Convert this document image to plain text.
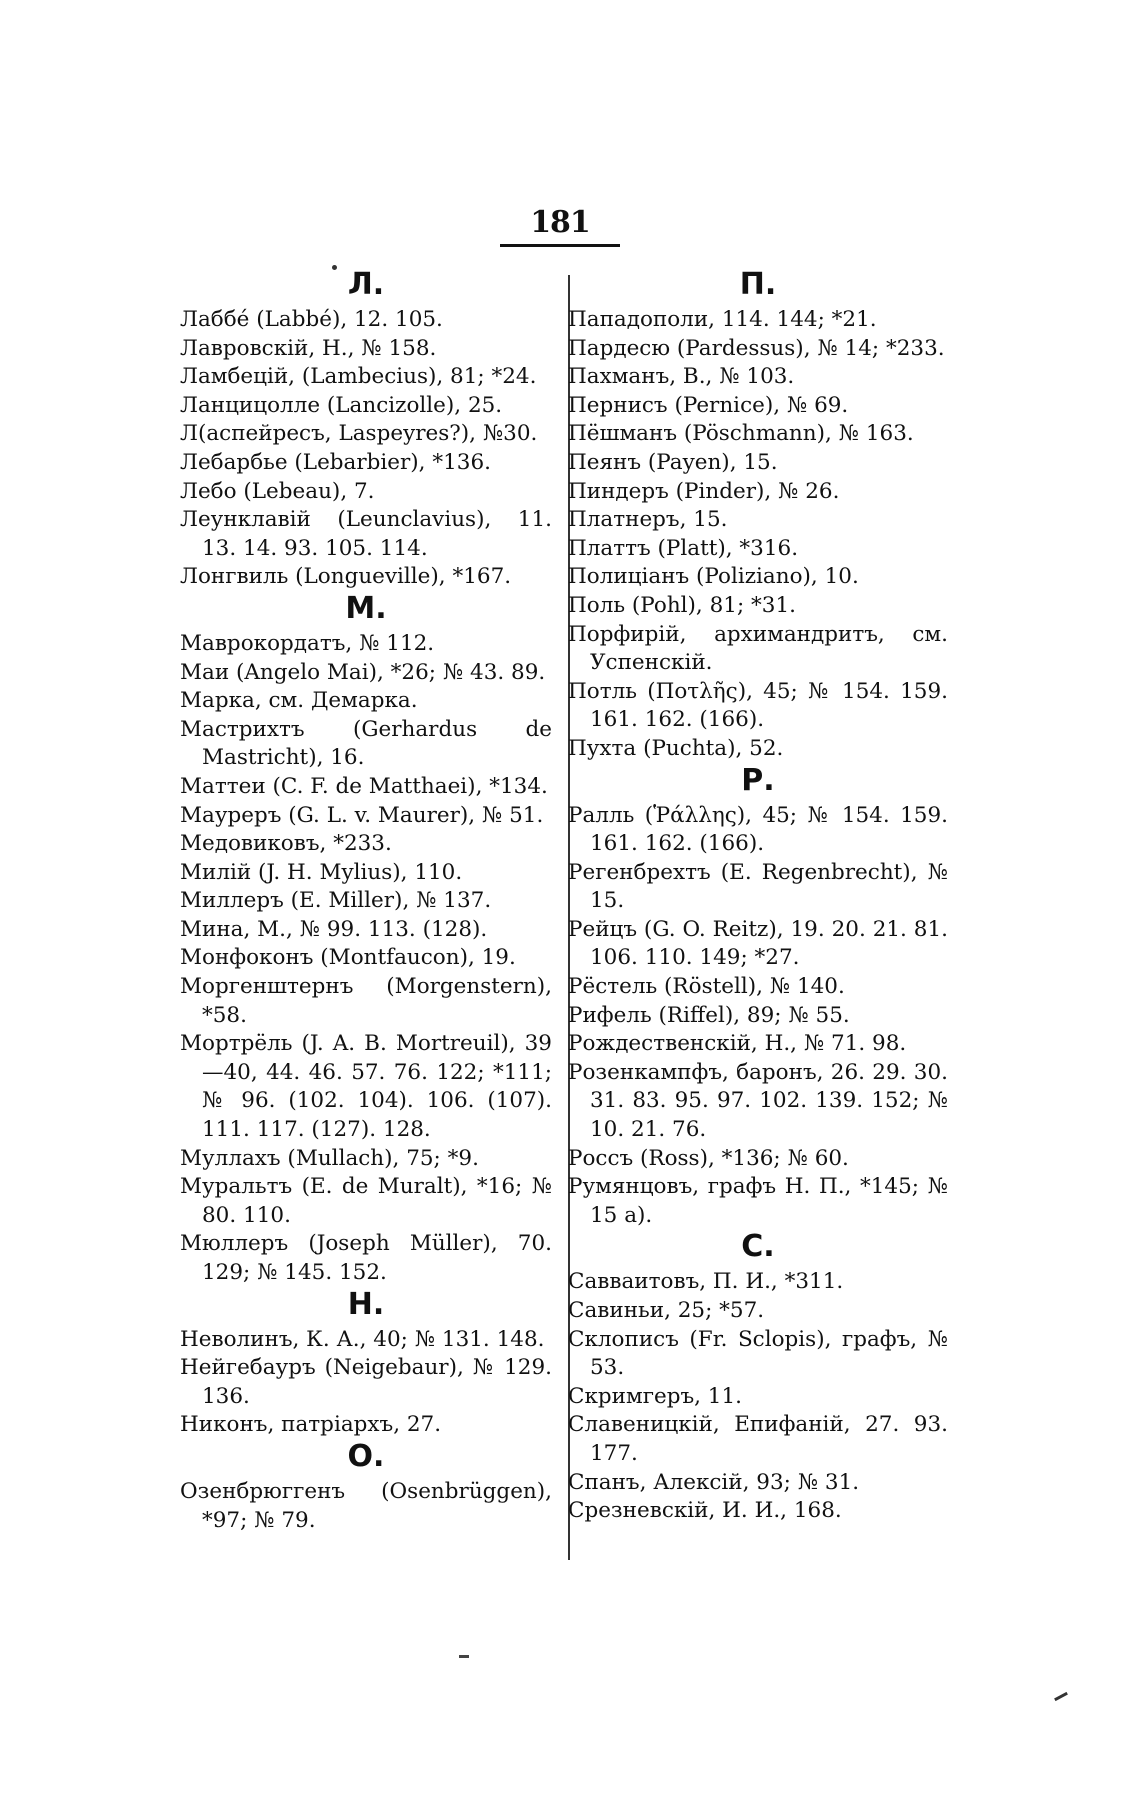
181
Л.
Лаббé (Labbé), 12. 105.
Лавровскій, Н., № 158.
Ламбецій, (Lambecius), 81; *24.
Ланцицолле (Lancizolle), 25.
Л(аспейресъ, Laspeyres?), №30.
Лебарбье (Lebarbier), *136.
Лебо (Lebeau), 7.
Леунклавій (Leunclavius), 11. 13. 14. 93. 105. 114.
Лонгвиль (Longueville), *167.
М.
Маврокордатъ, № 112.
Маи (Angelo Mai), *26; № 43. 89.
Марка, см. Демарка.
Мастрихтъ (Gerhardus de Mastricht), 16.
Маттеи (C. F. de Matthaei), *134.
Мауреръ (G. L. v. Maurer), № 51.
Медовиковъ, *233.
Милій (J. H. Mylius), 110.
Миллеръ (E. Miller), № 137.
Мина, М., № 99. 113. (128).
Монфоконъ (Montfaucon), 19.
Моргенштернъ (Morgenstern), *58.
Мортрёль (J. A. B. Mortreuil), 39—40, 44. 46. 57. 76. 122; *111; № 96. (102. 104). 106. (107). 111. 117. (127). 128.
Муллахъ (Mullach), 75; *9.
Муральтъ (E. de Muralt), *16; № 80. 110.
Мюллеръ (Joseph Müller), 70. 129; № 145. 152.
Н.
Неволинъ, К. А., 40; № 131. 148.
Нейгебауръ (Neigebaur), № 129. 136.
Никонъ, патріархъ, 27.
О.
Озенбрюггенъ (Osenbrüggen), *97; № 79.
П.
Пападополи, 114. 144; *21.
Пардесю (Pardessus), № 14; *233.
Пахманъ, В., № 103.
Пернисъ (Pernice), № 69.
Пёшманъ (Pöschmann), № 163.
Пеянъ (Payen), 15.
Пиндеръ (Pinder), № 26.
Платнеръ, 15.
Платтъ (Platt), *316.
Полиціанъ (Poliziano), 10.
Поль (Pohl), 81; *31.
Порфирій, архимандритъ, см. Успенскій.
Потль (Ποτλῆς), 45; № 154. 159. 161. 162. (166).
Пухта (Puchta), 52.
Р.
Ралль (Ῥάλλης), 45; № 154. 159. 161. 162. (166).
Регенбрехтъ (E. Regenbrecht), № 15.
Рейцъ (G. O. Reitz), 19. 20. 21. 81. 106. 110. 149; *27.
Рёстель (Röstell), № 140.
Рифель (Riffel), 89; № 55.
Рождественскій, Н., № 71. 98.
Розенкампфъ, баронъ, 26. 29. 30. 31. 83. 95. 97. 102. 139. 152; № 10. 21. 76.
Россъ (Ross), *136; № 60.
Румянцовъ, графъ Н. П., *145; № 15 a).
С.
Савваитовъ, П. И., *311.
Савиньи, 25; *57.
Склописъ (Fr. Sclopis), графъ, № 53.
Скримгеръ, 11.
Славеницкій, Епифаній, 27. 93. 177.
Спанъ, Алексій, 93; № 31.
Срезневскій, И. И., 168.
